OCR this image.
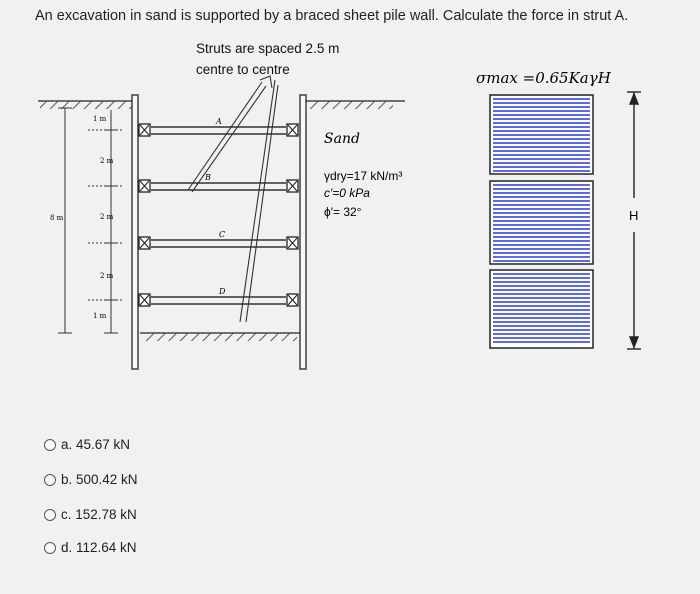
An excavation in sand is supported by a braced sheet pile wall. Calculate the force in strut A.
Struts are spaced 2.5 m
centre to centre
A
B
C
D
1 m
2 m
2 m
2 m
1 m
8 m
Sand
γdry=17 kN/m³
c′=0 kPa
ϕ′= 32°
σmax =0.65KaγH
H
a. 45.67 kN
b. 500.42 kN
c. 152.78 kN
d. 112.64 kN
